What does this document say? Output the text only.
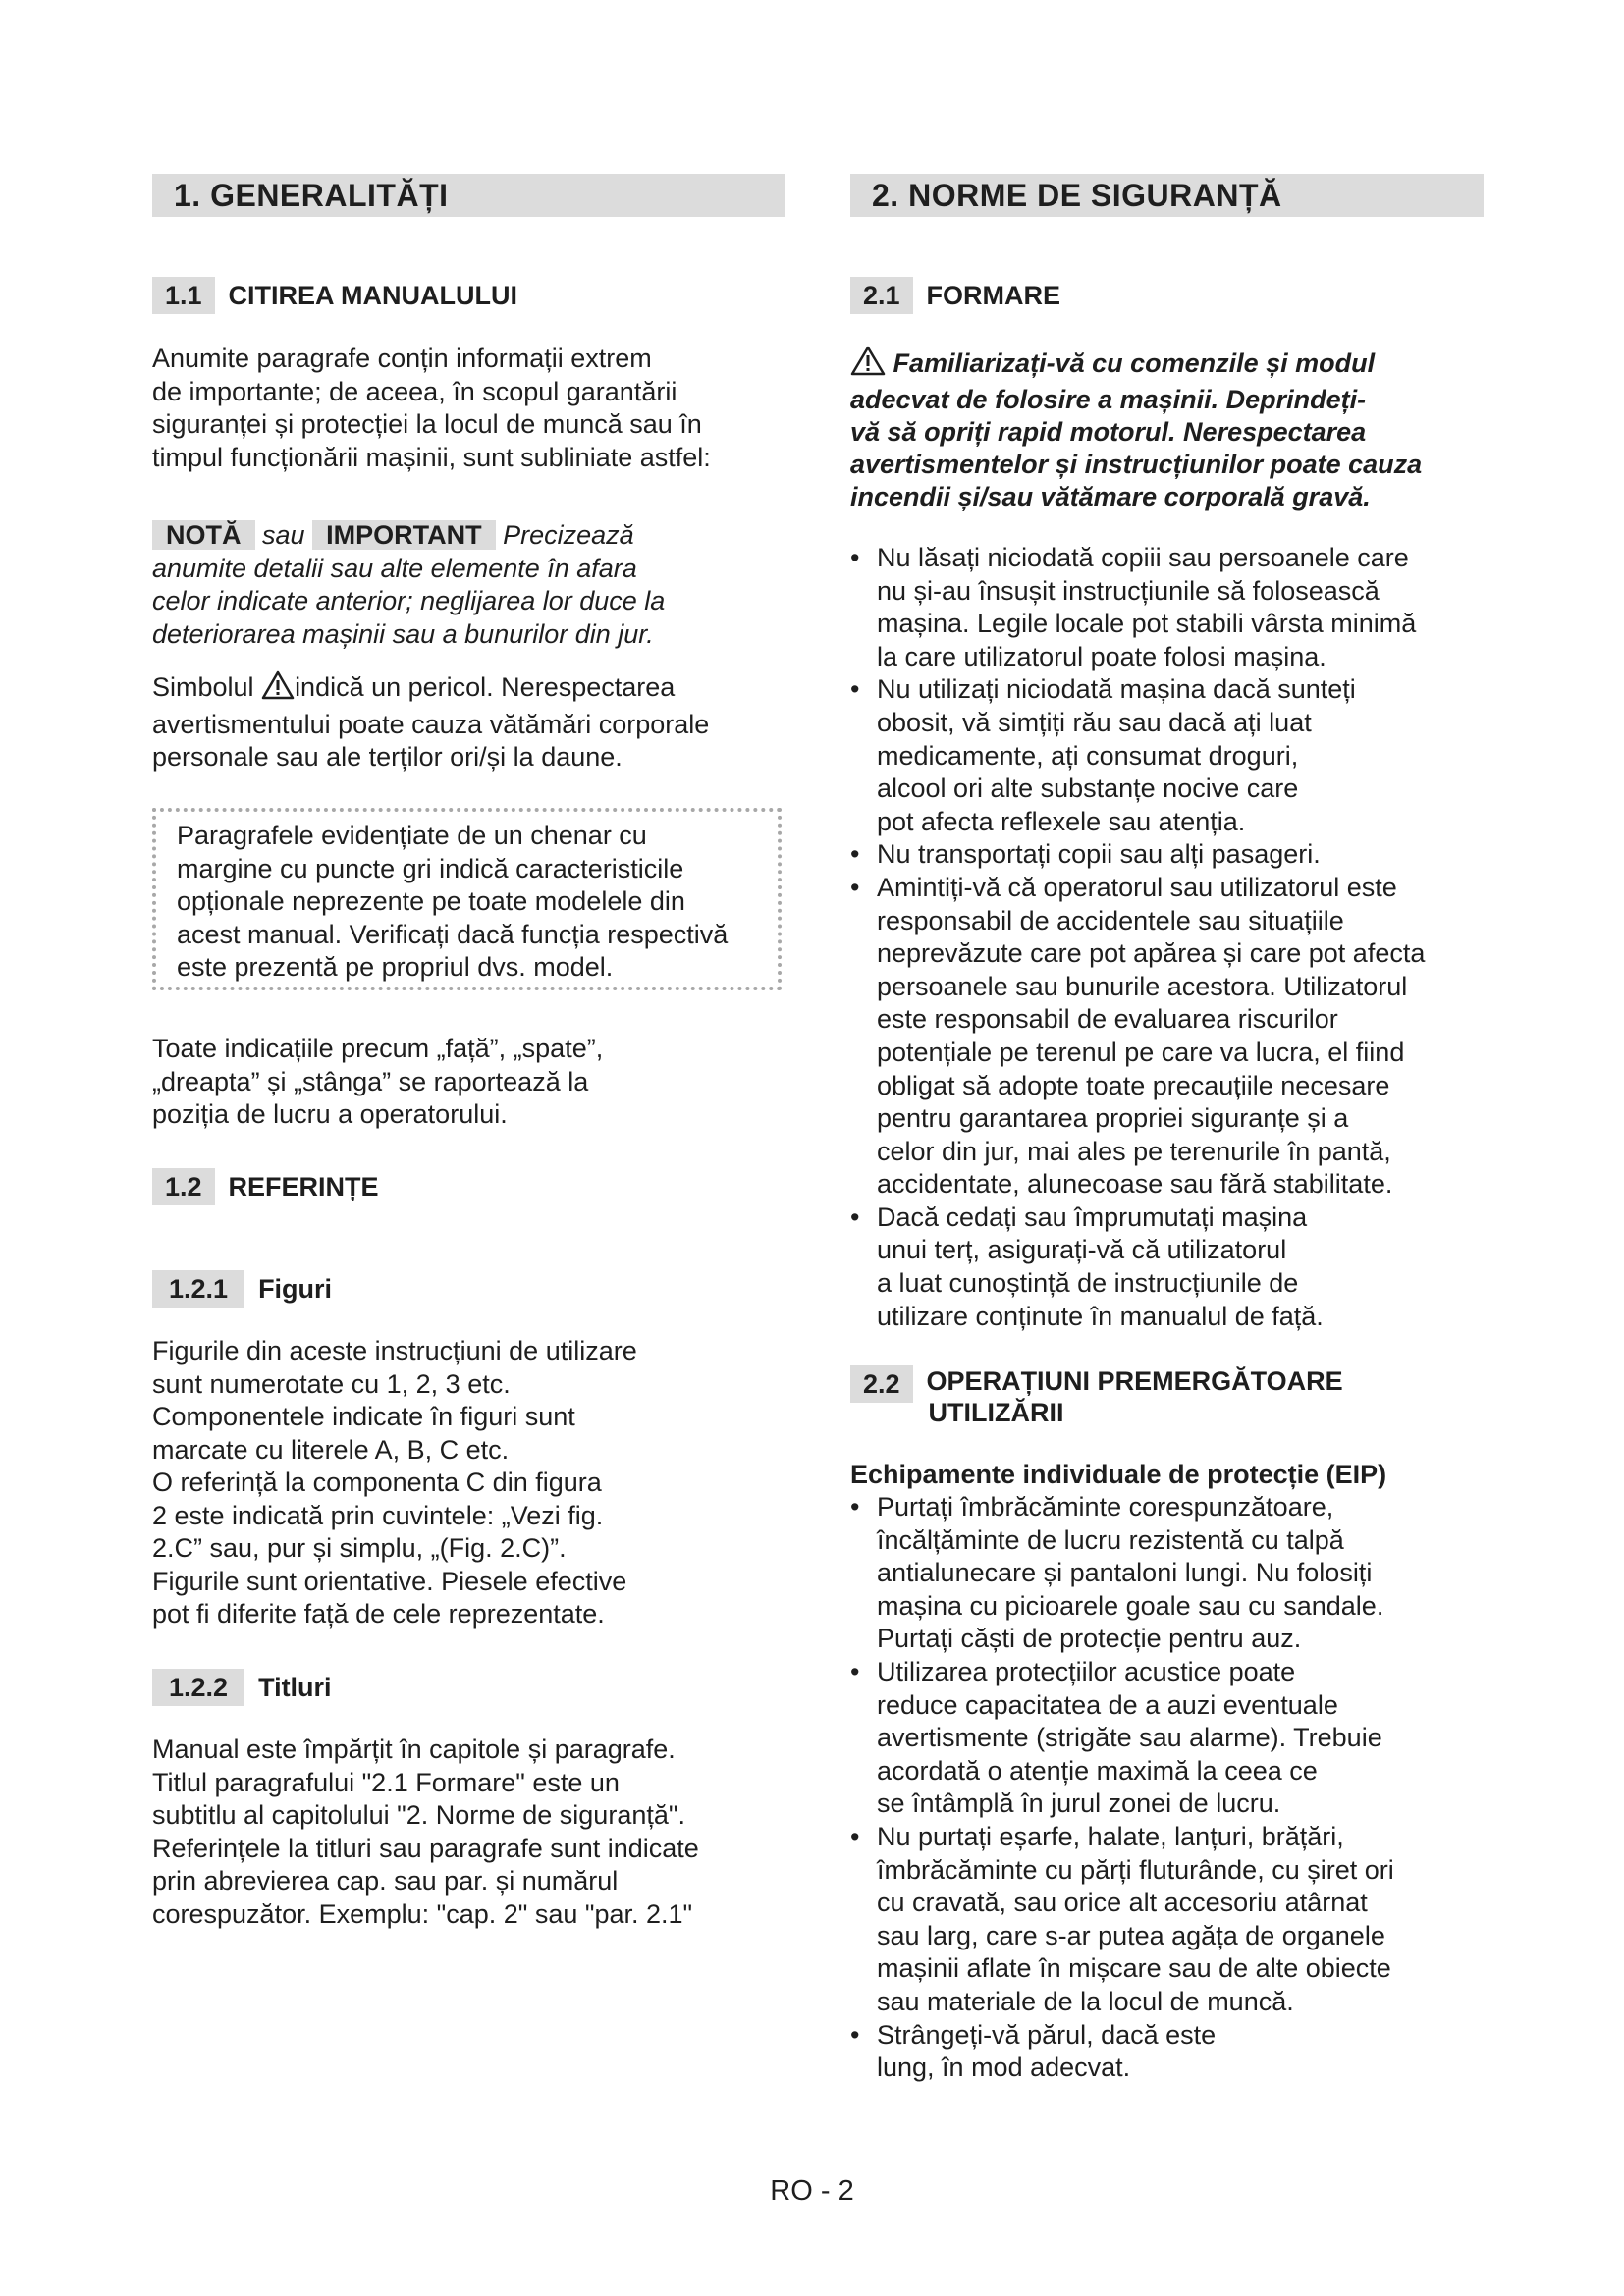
1. GENERALITĂȚI
1.1	CITIREA MANUALULUI

Anumite paragrafe conțin informații extrem
de importante; de aceea, în scopul garantării
siguranței și protecției la locul de muncă sau în
timpul funcționării mașinii, sunt subliniate astfel:

NOTĂ sau IMPORTANT Precizează
anumite detalii sau alte elemente în afara
celor indicate anterior; neglijarea lor duce la
deteriorarea mașinii sau a bunurilor din jur.

Simbolul indică un pericol. Nerespectarea
avertismentului poate cauza vătămări corporale
personale sau ale terților ori/și la daune.

Paragrafele evidențiate de un chenar cu
margine cu puncte gri indică caracteristicile
opționale neprezente pe toate modelele din
acest manual. Verificați dacă funcția respectivă
este prezentă pe propriul dvs. model.

Toate indicațiile precum „față”, „spate”,
„dreapta” și „stânga” se raportează la
poziția de lucru a operatorului.

1.2	REFERINȚE
1.2.1	Figuri

Figurile din aceste instrucțiuni de utilizare
sunt numerotate cu 1, 2, 3 etc.
Componentele indicate în figuri sunt
marcate cu literele A, B, C etc.
O referință la componenta C din figura
2 este indicată prin cuvintele: „Vezi fig.
2.C” sau, pur și simplu, „(Fig. 2.C)”.
Figurile sunt orientative. Piesele efective
pot fi diferite față de cele reprezentate.

1.2.2	Titluri

Manual este împărțit în capitole și paragrafe.
Titlul paragrafului "2.1 Formare" este un
subtitlu al capitolului "2. Norme de siguranță".
Referințele la titluri sau paragrafe sunt indicate
prin abrevierea cap. sau par. și numărul
corespuzător. Exemplu: "cap. 2" sau "par. 2.1"

2. NORME DE SIGURANȚĂ
2.1	FORMARE

Familiarizați-vă cu comenzile și modul
adecvat de folosire a mașinii. Deprindeți-
vă să opriți rapid motorul. Nerespectarea
avertismentelor și instrucțiunilor poate cauza
incendii și/sau vătămare corporală gravă.

• Nu lăsați niciodată copiii sau persoanele care
nu și-au însușit instrucțiunile să folosească
mașina. Legile locale pot stabili vârsta minimă
la care utilizatorul poate folosi mașina.
• Nu utilizați niciodată mașina dacă sunteți
obosit, vă simțiți rău sau dacă ați luat
medicamente, ați consumat droguri,
alcool ori alte substanțe nocive care
pot afecta reflexele sau atenția.
• Nu transportați copii sau alți pasageri.
• Amintiți-vă că operatorul sau utilizatorul este
responsabil de accidentele sau situațiile
neprevăzute care pot apărea și care pot afecta
persoanele sau bunurile acestora. Utilizatorul
este responsabil de evaluarea riscurilor
potențiale pe terenul pe care va lucra, el fiind
obligat să adopte toate precauțiile necesare
pentru garantarea propriei siguranțe și a
celor din jur, mai ales pe terenurile în pantă,
accidentate, alunecoase sau fără stabilitate.
• Dacă cedați sau împrumutați mașina
unui terț, asigurați-vă că utilizatorul
a luat cunoștință de instrucțiunile de
utilizare conținute în manualul de față.
2.2	OPERAȚIUNI PREMERGĂTOARE
UTILIZĂRII
Echipamente individuale de protecție (EIP)
• Purtați îmbrăcăminte corespunzătoare,
încălțăminte de lucru rezistentă cu talpă
antialunecare și pantaloni lungi. Nu folosiți
mașina cu picioarele goale sau cu sandale.
Purtați căști de protecție pentru auz.
• Utilizarea protecțiilor acustice poate
reduce capacitatea de a auzi eventuale
avertismente (strigăte sau alarme). Trebuie
acordată o atenție maximă la ceea ce
se întâmplă în jurul zonei de lucru.
• Nu purtați eșarfe, halate, lanțuri, brățări,
îmbrăcăminte cu părți fluturânde, cu șiret ori
cu cravată, sau orice alt accesoriu atârnat
sau larg, care s-ar putea agăța de organele
mașinii aflate în mișcare sau de alte obiecte
sau materiale de la locul de muncă.
• Strângeți-vă părul, dacă este
lung, în mod adecvat.
RO - 2
